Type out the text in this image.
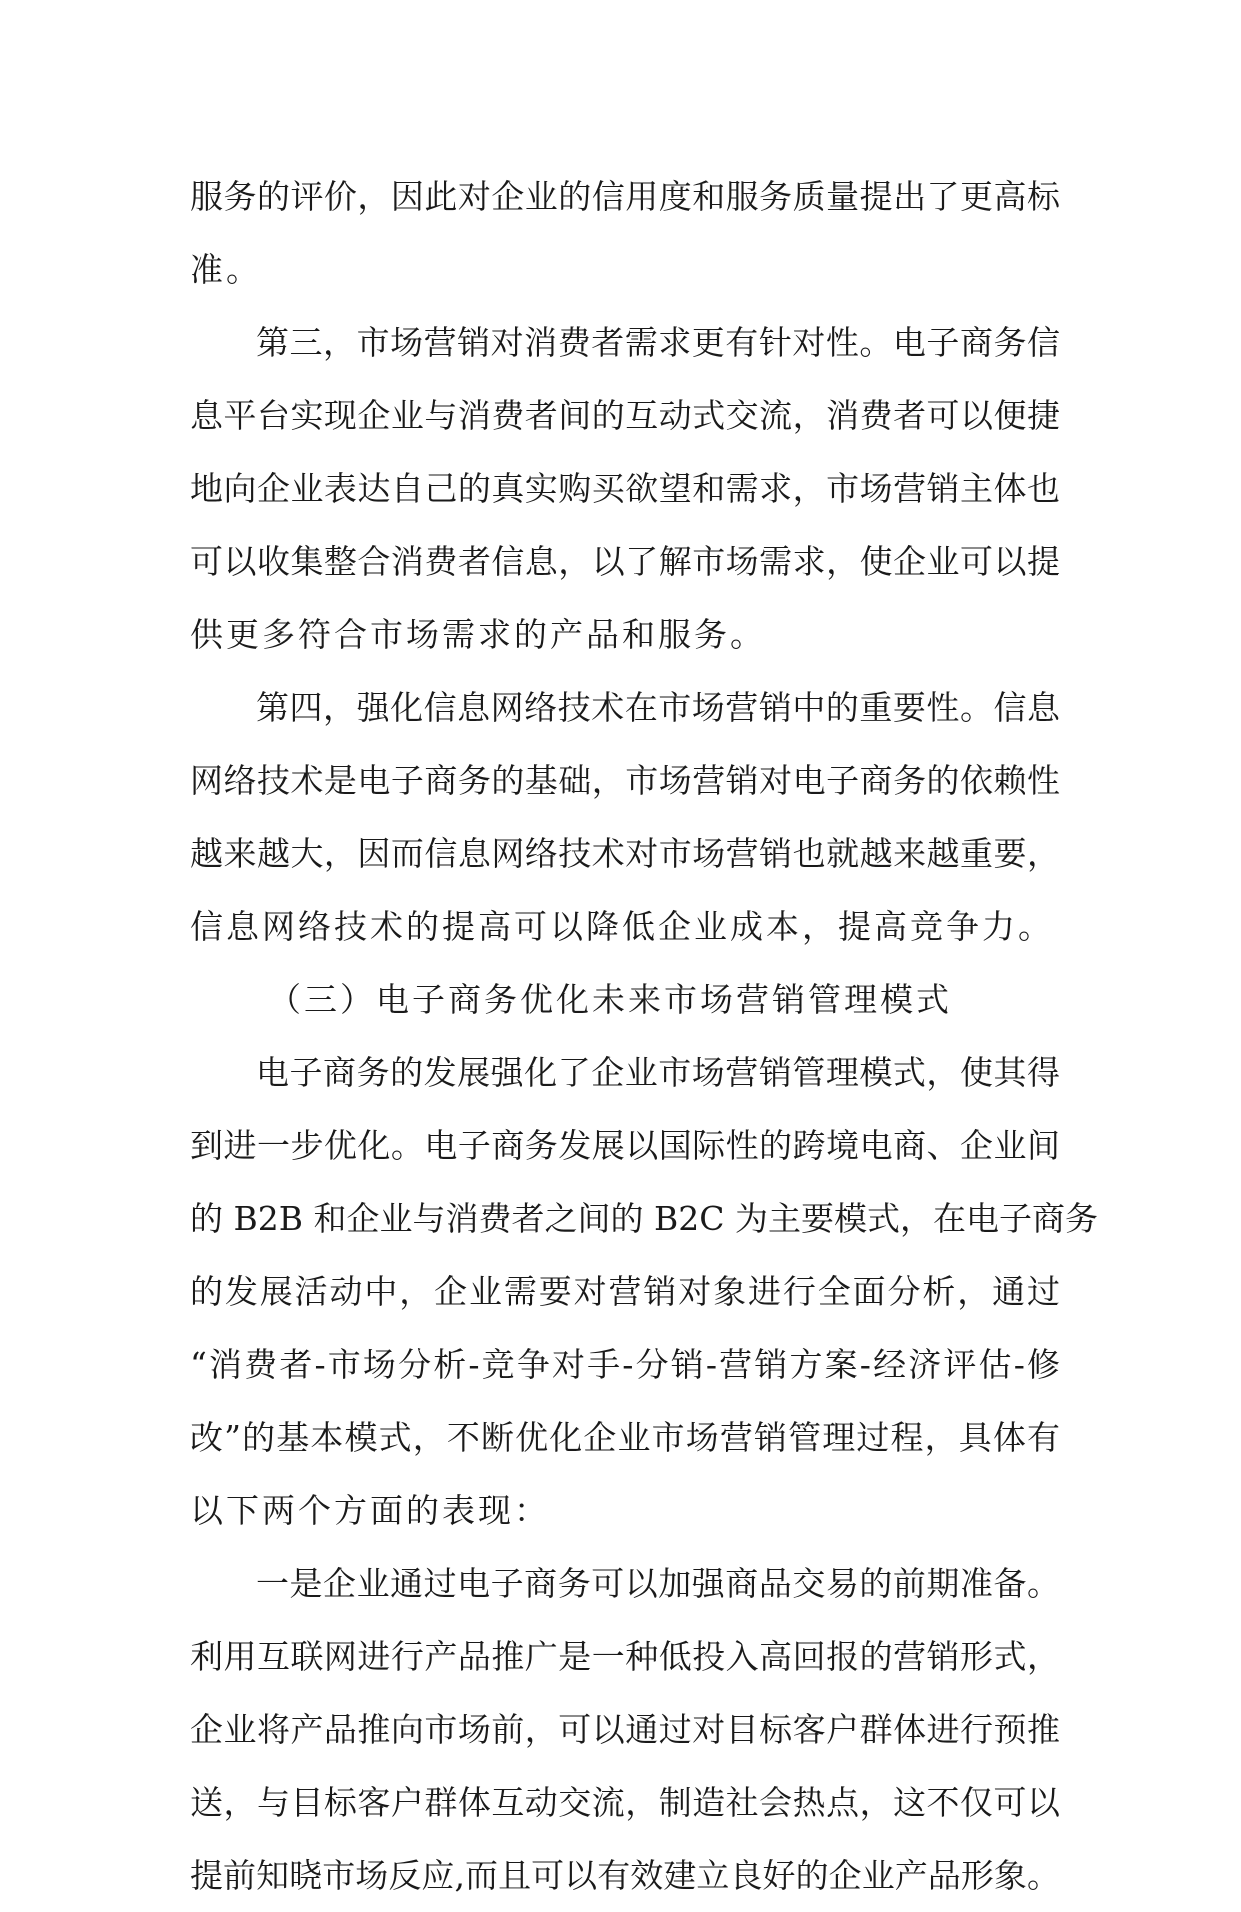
服务的评价，因此对企业的信用度和服务质量提出了更高标
准。
第三，市场营销对消费者需求更有针对性。电子商务信
息平台实现企业与消费者间的互动式交流，消费者可以便捷
地向企业表达自己的真实购买欲望和需求，市场营销主体也
可以收集整合消费者信息，以了解市场需求，使企业可以提
供更多符合市场需求的产品和服务。
第四，强化信息网络技术在市场营销中的重要性。信息
网络技术是电子商务的基础，市场营销对电子商务的依赖性
越来越大，因而信息网络技术对市场营销也就越来越重要，
信息网络技术的提高可以降低企业成本，提高竞争力。
（三）电子商务优化未来市场营销管理模式
电子商务的发展强化了企业市场营销管理模式，使其得
到进一步优化。电子商务发展以国际性的跨境电商、企业间
的 B2B 和企业与消费者之间的 B2C 为主要模式，在电子商务
的发展活动中，企业需要对营销对象进行全面分析，通过
“消费者-市场分析-竞争对手-分销-营销方案-经济评估-修
改”的基本模式，不断优化企业市场营销管理过程，具体有
以下两个方面的表现：
一是企业通过电子商务可以加强商品交易的前期准备。
利用互联网进行产品推广是一种低投入高回报的营销形式，
企业将产品推向市场前，可以通过对目标客户群体进行预推
送，与目标客户群体互动交流，制造社会热点，这不仅可以
提前知晓市场反应,而且可以有效建立良好的企业产品形象。
